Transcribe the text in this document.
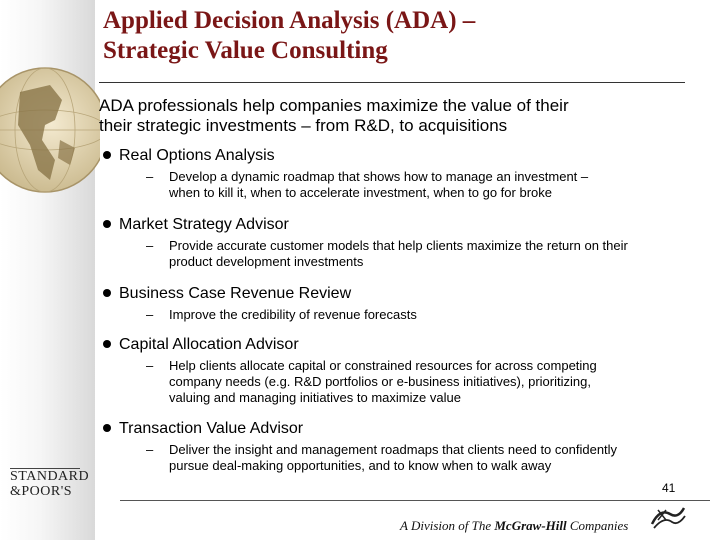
Applied Decision Analysis (ADA) –
Strategic Value Consulting
ADA professionals help companies maximize the value of their
their strategic investments – from R&D, to acquisitions
Real Options Analysis
– Develop a dynamic roadmap that shows how to manage an investment –
when to kill it, when to accelerate investment, when to go for broke
Market Strategy Advisor
– Provide accurate customer models that help clients maximize the return on their
product development investments
Business Case Revenue Review
– Improve the credibility of revenue forecasts
Capital Allocation Advisor
– Help clients allocate capital or constrained resources for across competing
company needs (e.g. R&D portfolios or e-business initiatives), prioritizing,
valuing and managing initiatives to maximize value
Transaction Value Advisor
– Deliver the insight and management roadmaps that clients need to confidently
pursue deal-making opportunities, and to know when to walk away
STANDARD
&POOR'S	41
A Division of The McGraw-Hill Companies
